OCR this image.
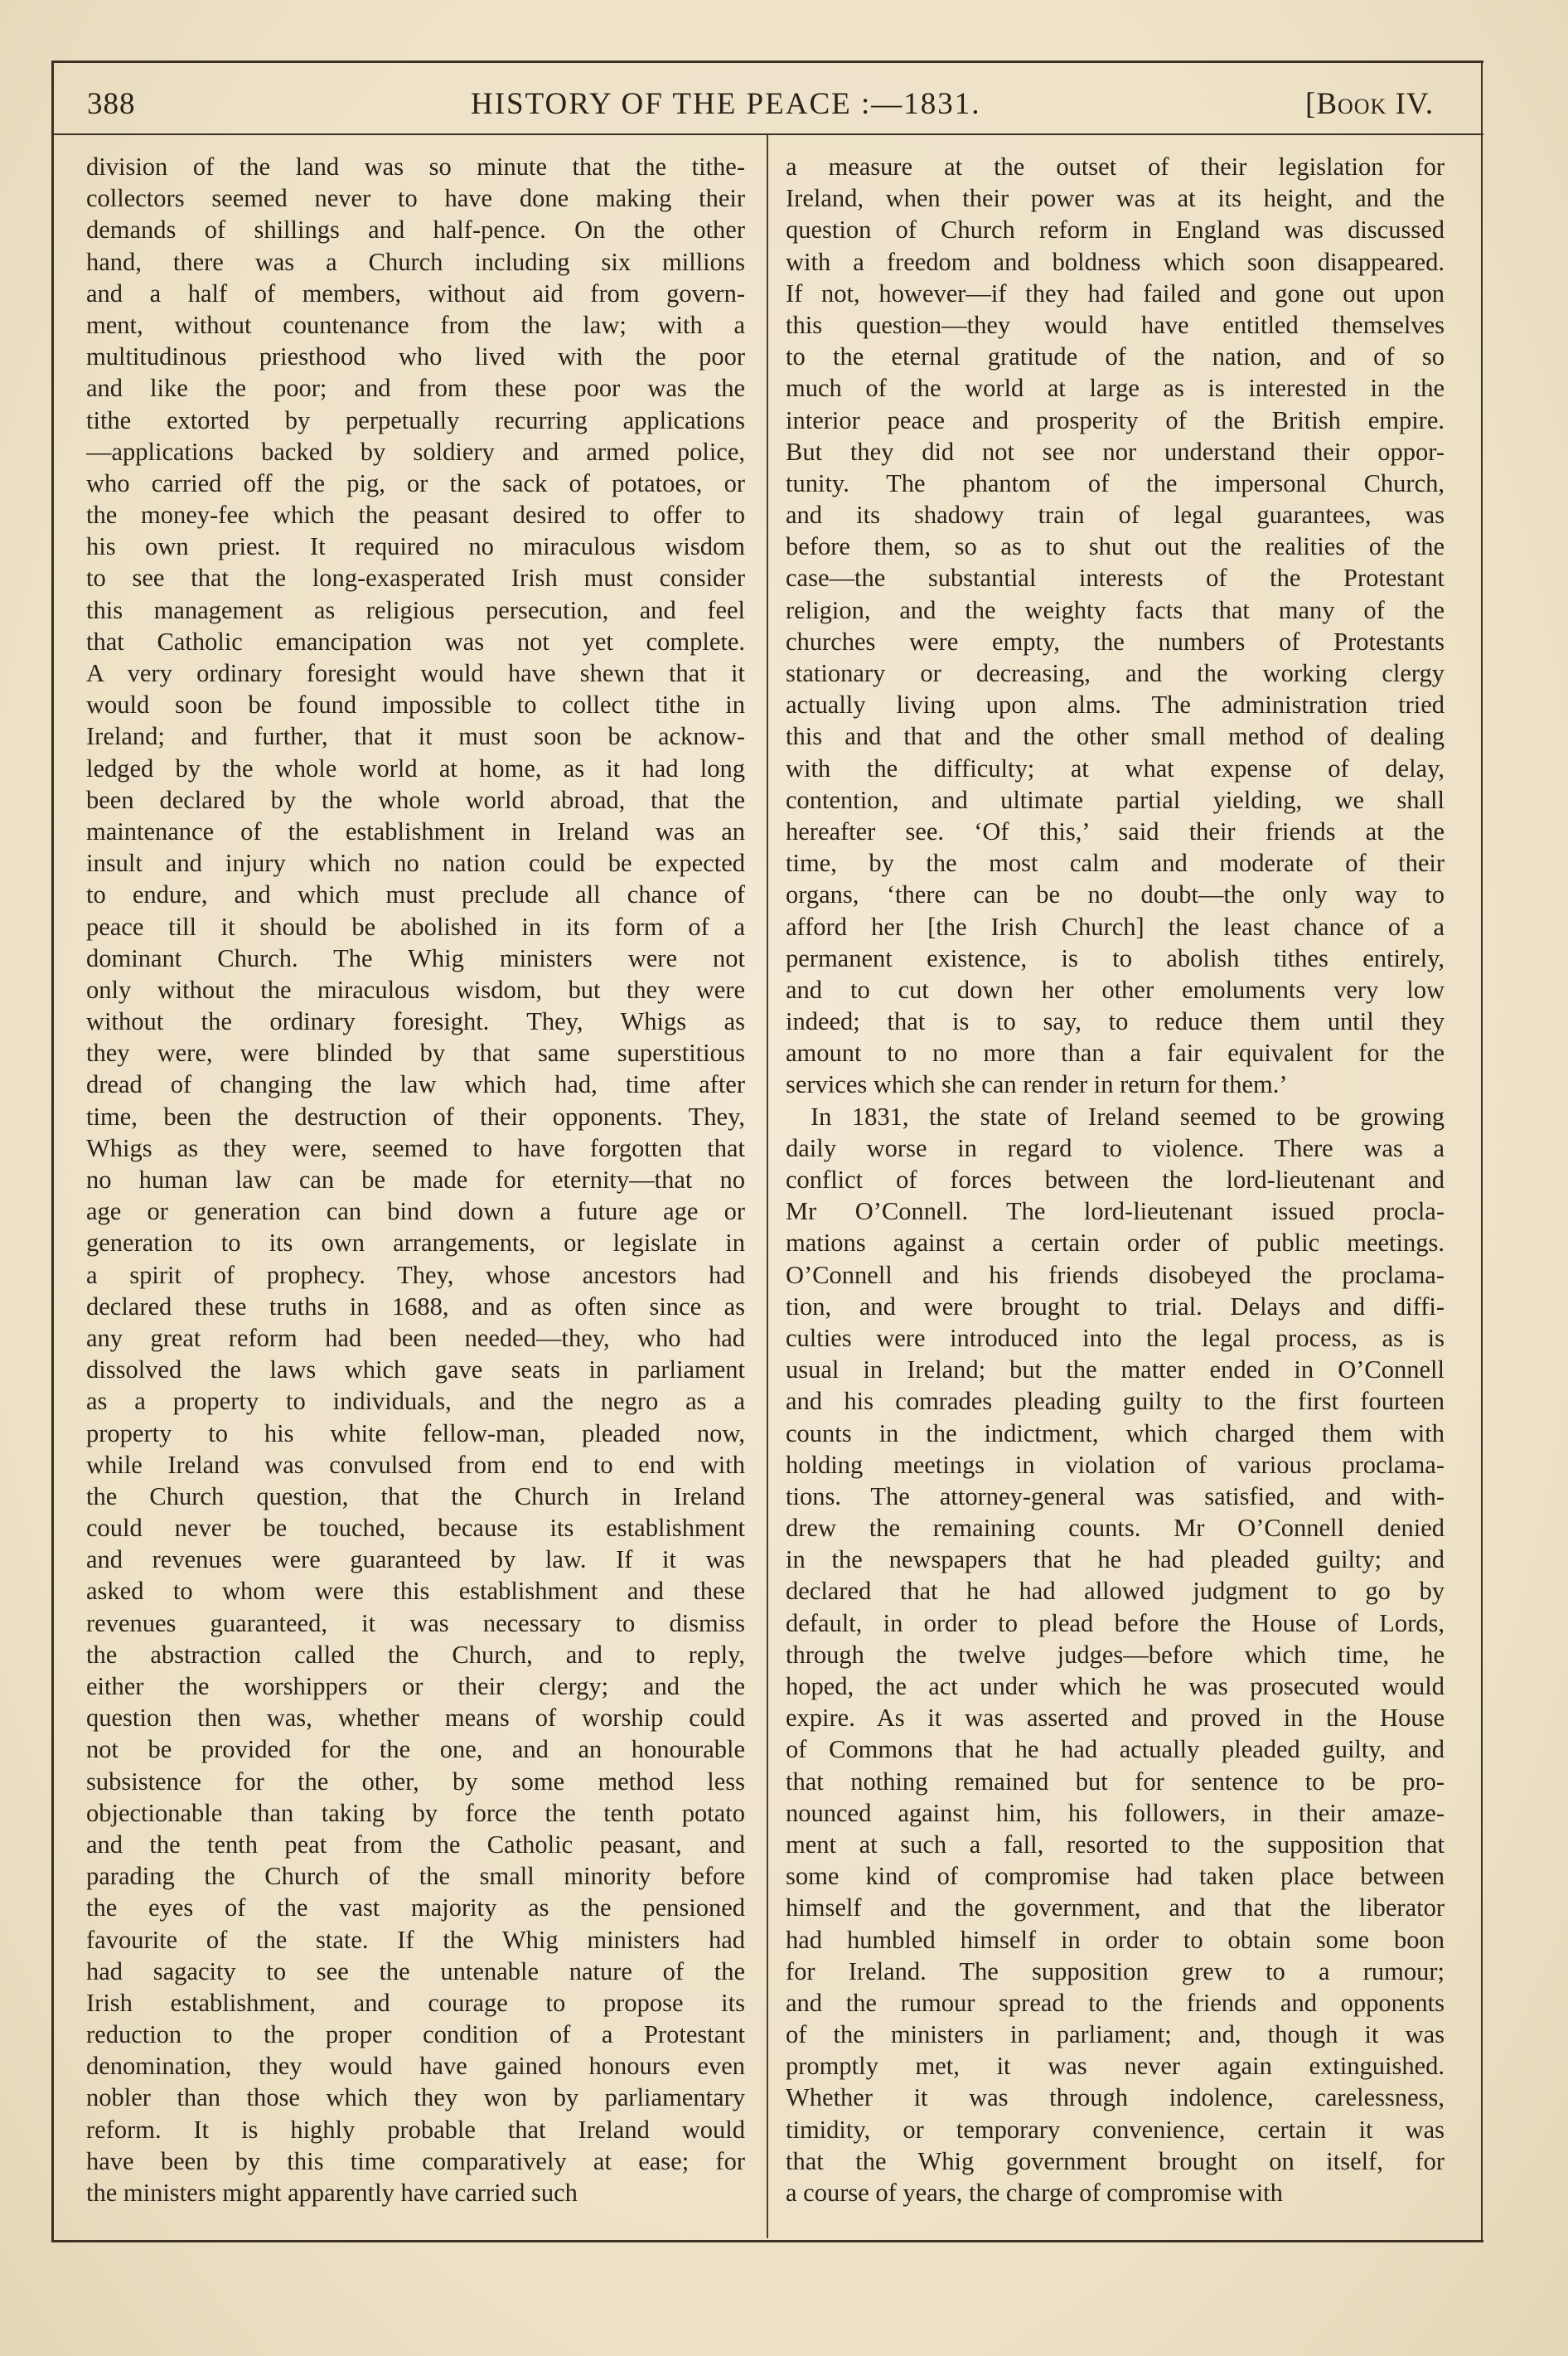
388	HISTORY OF THE PEACE :—1831.	[Book IV.
division of the land was so minute that the tithe-
collectors seemed never to have done making their
demands of shillings and half-pence. On the other
hand, there was a Church including six millions
and a half of members, without aid from govern-
ment, without countenance from the law; with a
multitudinous priesthood who lived with the poor
and like the poor; and from these poor was the
tithe extorted by perpetually recurring applications
—applications backed by soldiery and armed police,
who carried off the pig, or the sack of potatoes, or
the money-fee which the peasant desired to offer to
his own priest. It required no miraculous wisdom
to see that the long-exasperated Irish must consider
this management as religious persecution, and feel
that Catholic emancipation was not yet complete.
A very ordinary foresight would have shewn that it
would soon be found impossible to collect tithe in
Ireland; and further, that it must soon be acknow-
ledged by the whole world at home, as it had long
been declared by the whole world abroad, that the
maintenance of the establishment in Ireland was an
insult and injury which no nation could be expected
to endure, and which must preclude all chance of
peace till it should be abolished in its form of a
dominant Church. The Whig ministers were not
only without the miraculous wisdom, but they were
without the ordinary foresight. They, Whigs as
they were, were blinded by that same superstitious
dread of changing the law which had, time after
time, been the destruction of their opponents. They,
Whigs as they were, seemed to have forgotten that
no human law can be made for eternity—that no
age or generation can bind down a future age or
generation to its own arrangements, or legislate in
a spirit of prophecy. They, whose ancestors had
declared these truths in 1688, and as often since as
any great reform had been needed—they, who had
dissolved the laws which gave seats in parliament
as a property to individuals, and the negro as a
property to his white fellow-man, pleaded now,
while Ireland was convulsed from end to end with
the Church question, that the Church in Ireland
could never be touched, because its establishment
and revenues were guaranteed by law. If it was
asked to whom were this establishment and these
revenues guaranteed, it was necessary to dismiss
the abstraction called the Church, and to reply,
either the worshippers or their clergy; and the
question then was, whether means of worship could
not be provided for the one, and an honourable
subsistence for the other, by some method less
objectionable than taking by force the tenth potato
and the tenth peat from the Catholic peasant, and
parading the Church of the small minority before
the eyes of the vast majority as the pensioned
favourite of the state. If the Whig ministers had
had sagacity to see the untenable nature of the
Irish establishment, and courage to propose its
reduction to the proper condition of a Protestant
denomination, they would have gained honours even
nobler than those which they won by parliamentary
reform. It is highly probable that Ireland would
have been by this time comparatively at ease; for
the ministers might apparently have carried such
a measure at the outset of their legislation for
Ireland, when their power was at its height, and the
question of Church reform in England was discussed
with a freedom and boldness which soon disappeared.
If not, however—if they had failed and gone out upon
this question—they would have entitled themselves
to the eternal gratitude of the nation, and of so
much of the world at large as is interested in the
interior peace and prosperity of the British empire.
But they did not see nor understand their oppor-
tunity. The phantom of the impersonal Church,
and its shadowy train of legal guarantees, was
before them, so as to shut out the realities of the
case—the substantial interests of the Protestant
religion, and the weighty facts that many of the
churches were empty, the numbers of Protestants
stationary or decreasing, and the working clergy
actually living upon alms. The administration tried
this and that and the other small method of dealing
with the difficulty; at what expense of delay,
contention, and ultimate partial yielding, we shall
hereafter see. ‘Of this,’ said their friends at the
time, by the most calm and moderate of their
organs, ‘there can be no doubt—the only way to
afford her [the Irish Church] the least chance of a
permanent existence, is to abolish tithes entirely,
and to cut down her other emoluments very low
indeed; that is to say, to reduce them until they
amount to no more than a fair equivalent for the
services which she can render in return for them.’
In 1831, the state of Ireland seemed to be growing
daily worse in regard to violence. There was a
conflict of forces between the lord-lieutenant and
Mr O’Connell. The lord-lieutenant issued procla-
mations against a certain order of public meetings.
O’Connell and his friends disobeyed the proclama-
tion, and were brought to trial. Delays and diffi-
culties were introduced into the legal process, as is
usual in Ireland; but the matter ended in O’Connell
and his comrades pleading guilty to the first fourteen
counts in the indictment, which charged them with
holding meetings in violation of various proclama-
tions. The attorney-general was satisfied, and with-
drew the remaining counts. Mr O’Connell denied
in the newspapers that he had pleaded guilty; and
declared that he had allowed judgment to go by
default, in order to plead before the House of Lords,
through the twelve judges—before which time, he
hoped, the act under which he was prosecuted would
expire. As it was asserted and proved in the House
of Commons that he had actually pleaded guilty, and
that nothing remained but for sentence to be pro-
nounced against him, his followers, in their amaze-
ment at such a fall, resorted to the supposition that
some kind of compromise had taken place between
himself and the government, and that the liberator
had humbled himself in order to obtain some boon
for Ireland. The supposition grew to a rumour;
and the rumour spread to the friends and opponents
of the ministers in parliament; and, though it was
promptly met, it was never again extinguished.
Whether it was through indolence, carelessness,
timidity, or temporary convenience, certain it was
that the Whig government brought on itself, for
a course of years, the charge of compromise with
